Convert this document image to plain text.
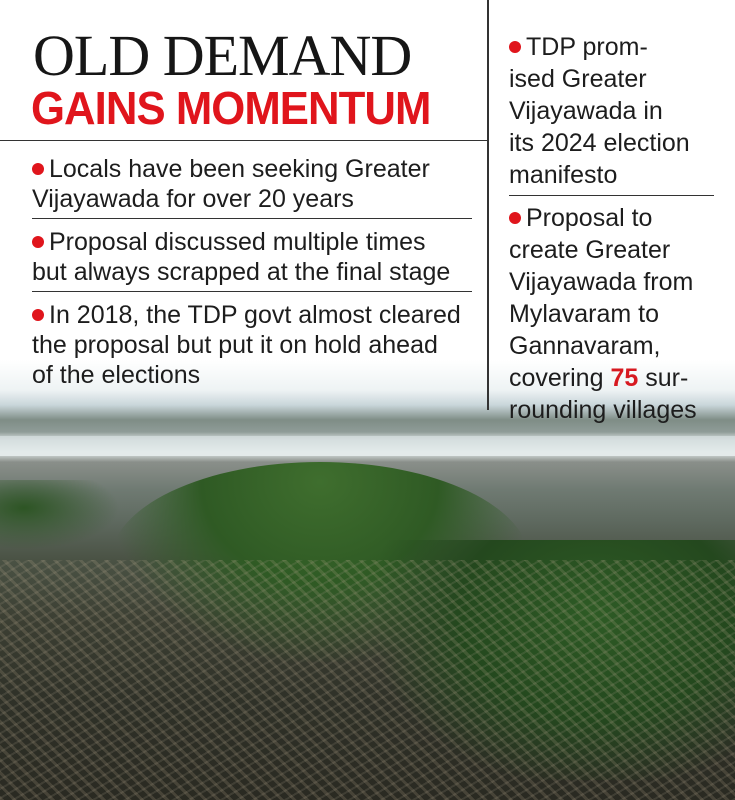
OLD DEMAND
GAINS MOMENTUM
Locals have been seeking Greater
Vijayawada for over 20 years
Proposal discussed multiple times
but always scrapped at the final stage
In 2018, the TDP govt almost cleared
the proposal but put it on hold ahead
of the elections
TDP prom-
ised Greater
Vijayawada in
its 2024 election
manifesto
Proposal to
create Greater
Vijayawada from
Mylavaram to
Gannavaram,
covering 75 sur-
rounding villages
